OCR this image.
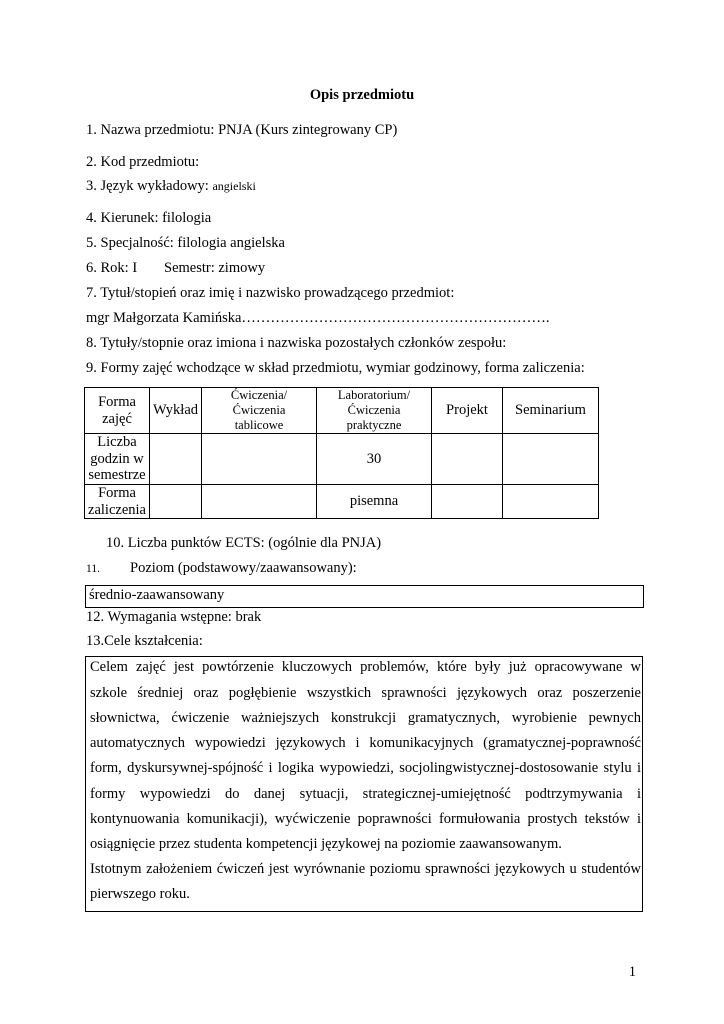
Opis przedmiotu
1. Nazwa przedmiotu: PNJA (Kurs zintegrowany CP)
2. Kod przedmiotu:
3. Język wykładowy: angielski
4. Kierunek: filologia
5. Specjalność: filologia angielska
6. Rok: I Semestr: zimowy
7. Tytuł/stopień oraz imię i nazwisko prowadzącego przedmiot:
mgr Małgorzata Kamińska……………………………………………………….
8. Tytuły/stopnie oraz imiona i nazwiska pozostałych członków zespołu:
9. Formy zajęć wchodzące w skład przedmiotu, wymiar godzinowy, forma zaliczenia:
Forma
zajęć	Wykład	Ćwiczenia/
Ćwiczenia
tablicowe	Laboratorium/
Ćwiczenia
praktyczne	Projekt	Seminarium
Liczba
godzin w
semestrze			30		
Forma
zaliczenia			pisemna		
10. Liczba punktów ECTS: (ogólnie dla PNJA)
11. Poziom (podstawowy/zaawansowany):
średnio-zaawansowany
12. Wymagania wstępne: brak
13.Cele kształcenia:
Celem zajęć jest powtórzenie kluczowych problemów, które były już opracowywane w
szkole średniej oraz pogłębienie wszystkich sprawności językowych oraz poszerzenie
słownictwa, ćwiczenie ważniejszych konstrukcji gramatycznych, wyrobienie pewnych
automatycznych wypowiedzi językowych i komunikacyjnych (gramatycznej-poprawność
form, dyskursywnej-spójność i logika wypowiedzi, socjolingwistycznej-dostosowanie stylu i
formy wypowiedzi do danej sytuacji, strategicznej-umiejętność podtrzymywania i
kontynuowania komunikacji), wyćwiczenie poprawności formułowania prostych tekstów i
osiągnięcie przez studenta kompetencji językowej na poziomie zaawansowanym.
Istotnym założeniem ćwiczeń jest wyrównanie poziomu sprawności językowych u studentów
pierwszego roku.
1
